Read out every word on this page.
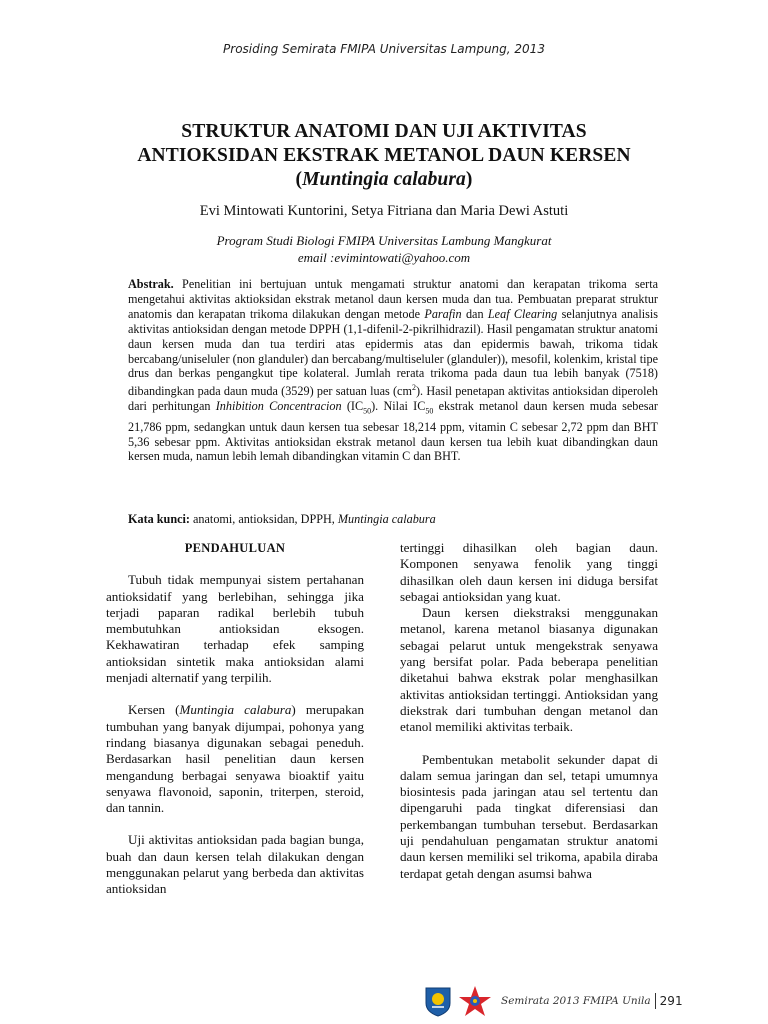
Prosiding Semirata FMIPA Universitas Lampung, 2013
STRUKTUR ANATOMI DAN UJI AKTIVITAS
ANTIOKSIDAN EKSTRAK METANOL DAUN KERSEN
(Muntingia calabura)
Evi Mintowati Kuntorini, Setya Fitriana dan Maria Dewi Astuti
Program Studi Biologi FMIPA Universitas Lambung Mangkurat
email :evimintowati@yahoo.com
Abstrak. Penelitian ini bertujuan untuk mengamati struktur anatomi dan kerapatan trikoma serta mengetahui aktivitas aktioksidan ekstrak metanol daun kersen muda dan tua. Pembuatan preparat struktur anatomis dan kerapatan trikoma dilakukan dengan metode Parafin dan Leaf Clearing selanjutnya analisis aktivitas antioksidan dengan metode DPPH (1,1-difenil-2-pikrilhidrazil). Hasil pengamatan struktur anatomi daun kersen muda dan tua terdiri atas epidermis atas dan epidermis bawah, trikoma tidak bercabang/uniseluler (non glanduler) dan bercabang/multiseluler (glanduler)), mesofil, kolenkim, kristal tipe drus dan berkas pengangkut tipe kolateral. Jumlah rerata trikoma pada daun tua lebih banyak (7518) dibandingkan pada daun muda (3529) per satuan luas $(cm^2)$. Hasil penetapan aktivitas antioksidan diperoleh dari perhitungan Inhibition Concentracion $(IC_{50})$. Nilai $IC_{50}$ ekstrak metanol daun kersen muda sebesar 21,786 ppm, sedangkan untuk daun kersen tua sebesar 18,214 ppm, vitamin C sebesar 2,72 ppm dan BHT 5,36 sebesar ppm. Aktivitas antioksidan ekstrak metanol daun kersen tua lebih kuat dibandingkan daun kersen muda, namun lebih lemah dibandingkan vitamin C dan BHT.
Kata kunci: anatomi, antioksidan, DPPH, Muntingia calabura

PENDAHULUAN

Tubuh tidak mempunyai sistem pertahanan antioksidatif yang berlebihan, sehingga jika terjadi paparan radikal berlebih tubuh membutuhkan antioksidan eksogen. Kekhawatiran terhadap efek samping antioksidan sintetik maka antioksidan alami menjadi alternatif yang terpilih.

Kersen (Muntingia calabura) merupakan tumbuhan yang banyak dijumpai, pohonya yang rindang biasanya digunakan sebagai peneduh. Berdasarkan hasil penelitian daun kersen mengandung berbagai senyawa bioaktif yaitu senyawa flavonoid, saponin, triterpen, steroid, dan tannin.

Uji aktivitas antioksidan pada bagian bunga, buah dan daun kersen telah dilakukan dengan menggunakan pelarut yang berbeda dan aktivitas antioksidan

tertinggi dihasilkan oleh bagian daun. Komponen senyawa fenolik yang tinggi dihasilkan oleh daun kersen ini diduga bersifat sebagai antioksidan yang kuat.

Daun kersen diekstraksi menggunakan metanol, karena metanol biasanya digunakan sebagai pelarut untuk mengekstrak senyawa yang bersifat polar. Pada beberapa penelitian diketahui bahwa ekstrak polar menghasilkan aktivitas antioksidan tertinggi. Antioksidan yang diekstrak dari tumbuhan dengan metanol dan etanol memiliki aktivitas terbaik.

Pembentukan metabolit sekunder dapat di dalam semua jaringan dan sel, tetapi umumnya biosintesis pada jaringan atau sel tertentu dan dipengaruhi pada tingkat diferensiasi dan perkembangan tumbuhan tersebut. Berdasarkan uji pendahuluan pengamatan struktur anatomi daun kersen memiliki sel trikoma, apabila diraba terdapat getah dengan asumsi bahwa

Semirata 2013 FMIPA Unila 291
